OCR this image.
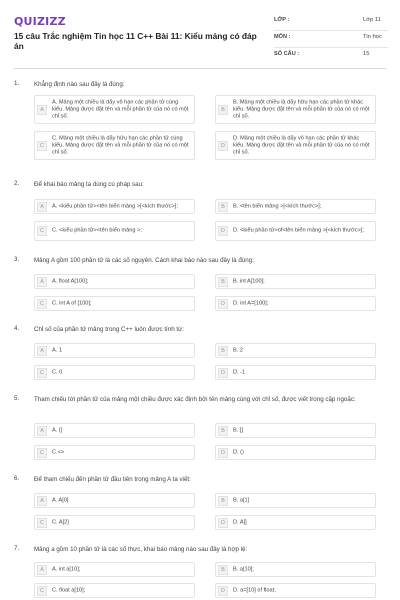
QUIZIZZ
15 câu Trắc nghiệm Tin học 11 C++ Bài 11: Kiểu mảng có đáp án
LỚP :	Lớp 11
MÔN :	Tin học
SỐ CÂU :	15
1. Khẳng định nào sau đây là đúng:
A
A. Mảng một chiều là dãy vô hạn các phần tử cùng kiểu. Mảng được đặt tên và mỗi phần tử của nó có một chỉ số.
B
B. Mảng một chiều là dãy hữu hạn các phần tử khác kiểu. Mảng được đặt tên và mỗi phần tử của nó có một chỉ số.
C
C. Mảng một chiều là dãy hữu hạn các phần tử cùng kiểu. Mảng được đặt tên và mỗi phần tử của nó có một chỉ số.
D
D. Mảng một chiều là dãy vô hạn các phần tử khác kiểu. Mảng được đặt tên và mỗi phần tử của nó có một chỉ số.
2. Để khai báo mảng ta dùng cú pháp sau:
A	A. <kiểu phần tử><tên biến mảng >[<kích thước>];	B	B. <tên biến mảng >[<kích thước>];
C	C. <kiểu phần tử><tên biến mảng >;	D	D. <kiểu phần tử>of<tên biến mảng >[<kích thước>];
3. Mảng A gồm 100 phần tử là các số nguyên. Cách khai báo nào sau đây là đúng:
A	A. float A[100];	B	B. int A[100];
C	C. int A of [100];	D	D. int A=[100];
4. Chỉ số của phần tử mảng trong C++ luôn được tính từ:
A	A. 1	B	B. 2
C	C. 0	D	D. -1
5. Tham chiếu tới phần tử của mảng một chiều được xác định bởi tên mảng cùng với chỉ số, được viết trong cặp ngoặc:
A	A. {}	B	B. []
C	C.<>	D	D. ()
6. Để tham chiếu đến phần tử đầu tiên trong mảng A ta viết:
A	A. A[0]	B	B. a[1]
C	C. A[2]	D	D. A[]
7. Mảng a gồm 10 phần tử là các số thực, khai báo mảng nào sau đây là hợp lệ:
A	A. int a[10];	B	B. a[10];
C	C. float a[10];	D	D. a=[10] of float;
